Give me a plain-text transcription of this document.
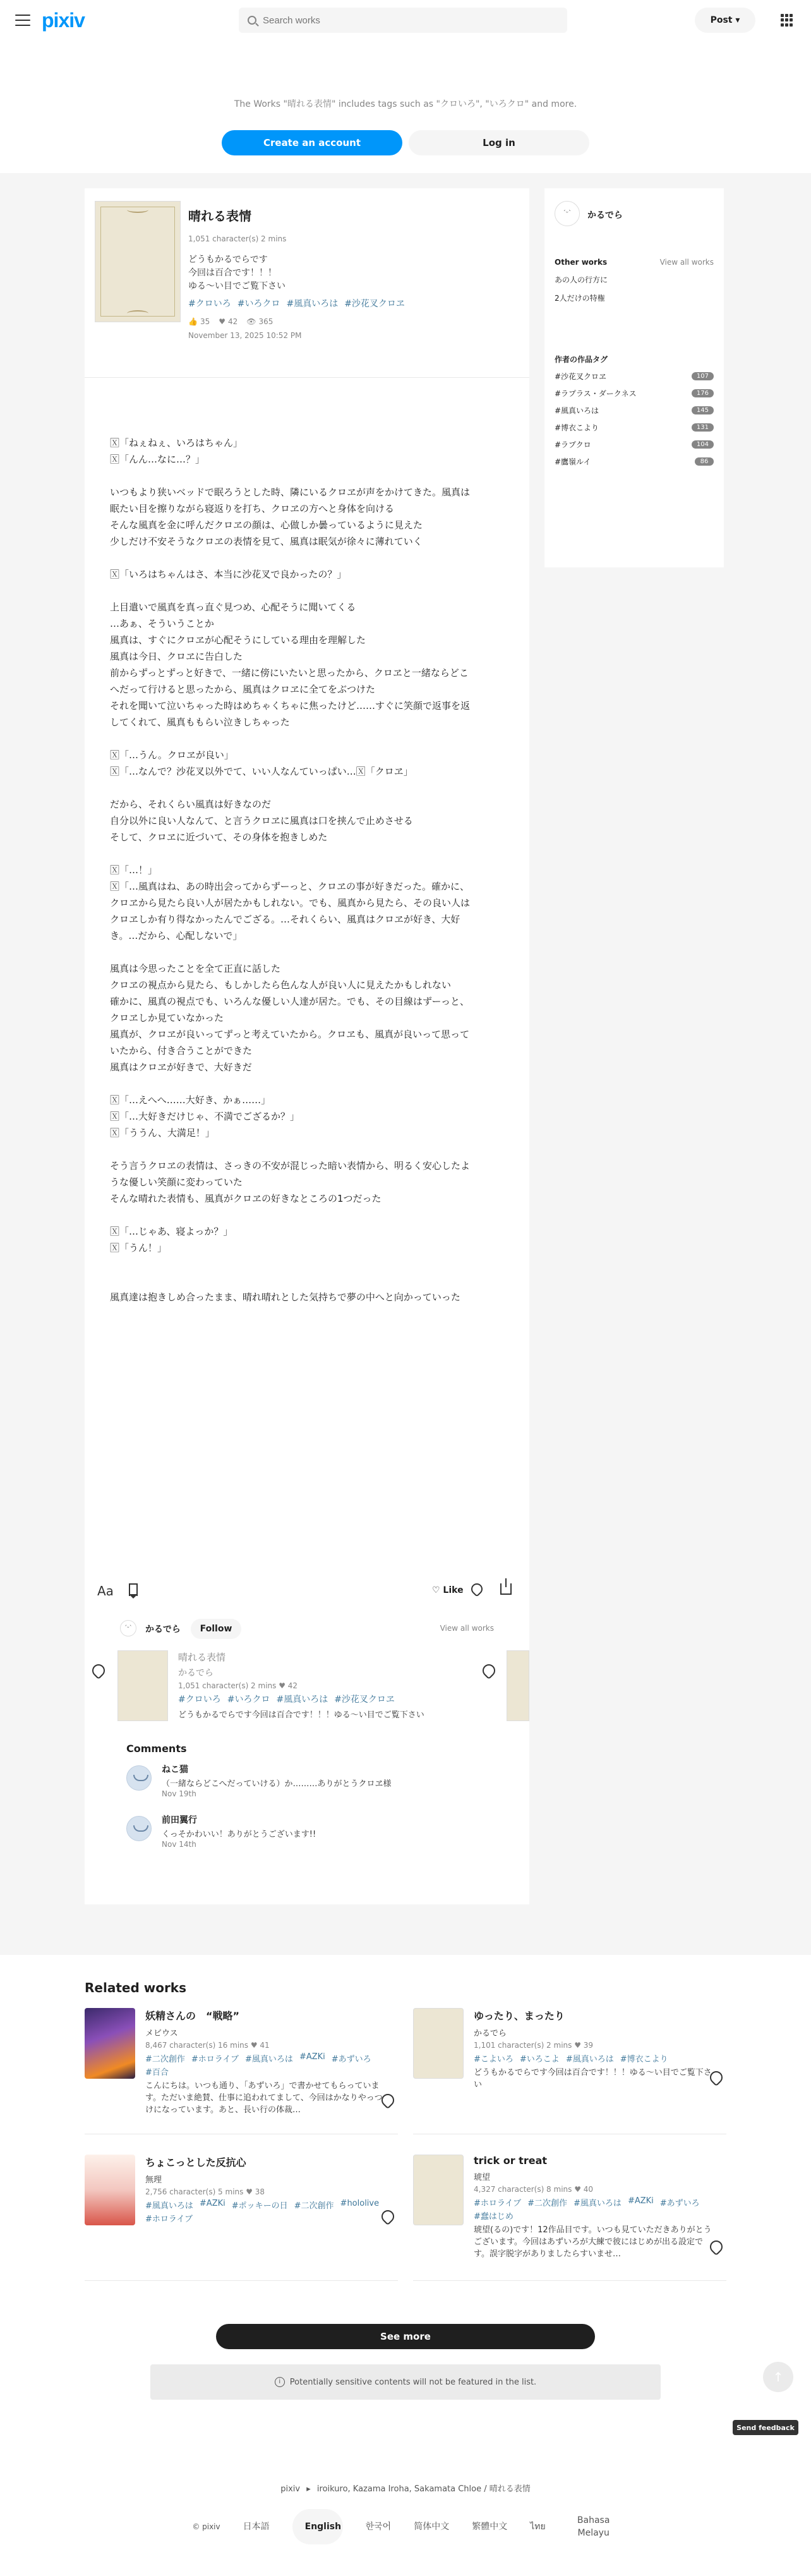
pixiv
Search works	Post ▾
The Works "晴れる表情" includes tags such as "クロいろ", "いろクロ" and more.
Create an account	Log in
晴れる表情
1,051 character(s) 2 mins
どうもかるでらです
今回は百合です！！！
ゆる〜い目でご覧下さい
#クロいろ #いろクロ #風真いろは #沙花叉クロヱ
👍 35 ♥ 42 👁 365
November 13, 2025 10:52 PM
🅇「ねぇねぇ、いろはちゃん」
🅇「んん…なに…？」

いつもより狭いベッドで眠ろうとした時、隣にいるクロヱが声をかけてきた。風真は
眠たい目を擦りながら寝返りを打ち、クロヱの方へと身体を向ける
そんな風真を金に呼んだクロヱの顔は、心做しか曇っているように見えた
少しだけ不安そうなクロヱの表情を見て、風真は眠気が徐々に薄れていく

🅇「いろはちゃんはさ、本当に沙花叉で良かったの？」

上目遣いで風真を真っ直ぐ見つめ、心配そうに聞いてくる
…あぁ、そういうことか
風真は、すぐにクロヱが心配そうにしている理由を理解した
風真は今日、クロヱに告白した
前からずっとずっと好きで、一緒に傍にいたいと思ったから、クロヱと一緒ならどこ
へだって行けると思ったから、風真はクロヱに全てをぶつけた
それを聞いて泣いちゃった時はめちゃくちゃに焦ったけど……すぐに笑顔で返事を返
してくれて、風真ももらい泣きしちゃった

🅇「…うん。クロヱが良い」
🅇「…なんで？沙花叉以外でて、いい人なんていっぱい…🅇「クロヱ」

だから、それくらい風真は好きなのだ
自分以外に良い人なんて、と言うクロヱに風真は口を挟んで止めさせる
そして、クロヱに近づいて、その身体を抱きしめた

🅇「…！」
🅇「…風真はね、あの時出会ってからずーっと、クロヱの事が好きだった。確かに、
クロヱから見たら良い人が居たかもしれない。でも、風真から見たら、その良い人は
クロヱしか有り得なかったんでござる。…それくらい、風真はクロヱが好き、大好
き。…だから、心配しないで」

風真は今思ったことを全て正直に話した
クロヱの視点から見たら、もしかしたら色んな人が良い人に見えたかもしれない
確かに、風真の視点でも、いろんな優しい人達が居た。でも、その目線はずーっと、
クロヱしか見ていなかった
風真が、クロヱが良いってずっと考えていたから。クロヱも、風真が良いって思って
いたから、付き合うことができた
風真はクロヱが好きで、大好きだ

🅇「…えへへ……大好き、かぁ……」
🅇「…大好きだけじゃ、不満でござるか？」
🅇「ううん、大満足！」

そう言うクロヱの表情は、さっきの不安が混じった暗い表情から、明るく安心したよ
うな優しい笑顔に変わっていた
そんな晴れた表情も、風真がクロヱの好きなところの1つだった

🅇「…じゃあ、寝よっか？」
🅇「うん！」

風真達は抱きしめ合ったまま、晴れ晴れとした気持ちで夢の中へと向かっていった
Aa	♡ Like
ˊᵕˋ	かるでら	Follow	View all works
晴れる表情
かるでら
1,051 character(s) 2 mins ♥ 42
#クロいろ #いろクロ #風真いろは #沙花叉クロヱ
どうもかるでらです今回は百合です！！！ゆる〜い目でご覧下さい
Comments
ねこ猫
（一緒ならどこへだっていける）か………ありがとうクロヱ様
Nov 19th
前田翼行
くっそかわいい！ありがとうございます!!
Nov 14th
ˊᵕˋ	かるでら
Other works	View all works
あの人の行方に
2人だけの特権
作者の作品タグ
#沙花叉クロヱ	107
#ラプラス・ダークネス	176
#風真いろは	145
#博衣こより	131
#ラプクロ	104
#鷹嶺ルイ	86
Related works
妖精さんの　“戦略”
メビウス
8,467 character(s) 16 mins ♥ 41
#二次創作 #ホロライブ #風真いろは #AZKi #あずいろ
#百合
こんにちは。いつも通り、「あずいろ」で書かせてもらっています。ただいま絶賛、仕事に追われてまして、今回はかなりやっつけになっています。あと、長い行の体裁…
ゆったり、まったり
かるでら
1,101 character(s) 2 mins ♥ 39
#こよいろ #いろこよ #風真いろは #博衣こより
どうもかるでらです今回は百合です！！！ゆる〜い目でご覧下さい
ちょこっとした反抗心
無理
2,756 character(s) 5 mins ♥ 38
#風真いろは #AZKi #ポッキーの日 #二次創作 #hololive
#ホロライブ
trick or treat
琥望
4,327 character(s) 8 mins ♥ 40
#ホロライブ #二次創作 #風真いろは #AZKi #あずいろ
#蠢はじめ
琥望(るの)です！12作品目です。いつも見ていただきありがとうございます。今回はあずいろが大練で彼にはじめが出る設定です。誤字脱字がありましたらすいませ…
See more
i	Potentially sensitive contents will not be featured in the list.	↑
Send feedback
pixiv ▸ iroikuro, Kazama Iroha, Sakamata Chloe / 晴れる表情
© pixiv	日本語	English	한국어	简体中文	繁體中文	ไทย
Bahasa Melayu
